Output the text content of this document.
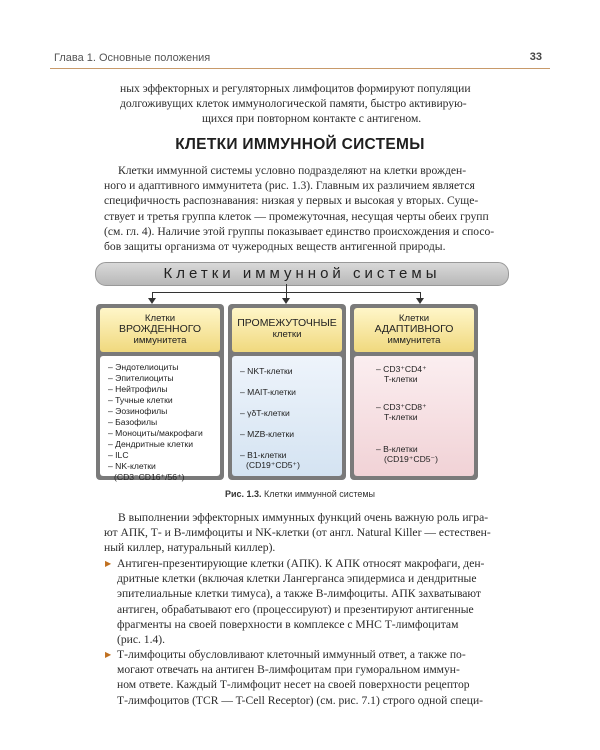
Глава 1. Основные положения	33
ных эффекторных и регуляторных лимфоцитов формируют популяции
долгоживущих клеток иммунологической памяти, быстро активирую-
щихся при повторном контакте с антигеном.
КЛЕТКИ ИММУННОЙ СИСТЕМЫ
Клетки иммунной системы условно подразделяют на клетки врожден-
ного и адаптивного иммунитета (рис. 1.3). Главным их различием является
специфичность распознавания: низкая у первых и высокая у вторых. Суще-
ствует и третья группа клеток — промежуточная, несущая черты обеих групп
(см. гл. 4). Наличие этой группы показывает единство происхождения и спосо-
бов защиты организма от чужеродных веществ антигенной природы.
Клетки иммунной системы
Клетки
ВРОЖДЕННОГО
иммунитета
– Эндотелиоциты
– Эпителиоциты
– Нейтрофилы
– Тучные клетки
– Эозинофилы
– Базофилы
– Моноциты/макрофаги
– Дендритные клетки
– ILC
– NK-клетки
(CD3⁻CD16⁺/56⁺)
ПРОМЕЖУТОЧНЫЕ
клетки
– NKT-клетки
– MAIT-клетки
– γδT-клетки
– MZB-клетки
– B1-клетки
(CD19⁺CD5⁺)
Клетки
АДАПТИВНОГО
иммунитета
– CD3⁺CD4⁺
T-клетки
– CD3⁺CD8⁺
T-клетки
– B-клетки
(CD19⁺CD5⁻)
Рис. 1.3. Клетки иммунной системы
В выполнении эффекторных иммунных функций очень важную роль игра-
ют АПК, Т- и В-лимфоциты и NK-клетки (от англ. Natural Killer — естествен-
ный киллер, натуральный киллер).
▶ Антиген-презентирующие клетки (АПК). К АПК относят макрофаги, ден-
дритные клетки (включая клетки Лангерганса эпидермиса и дендритные
эпителиальные клетки тимуса), а также В-лимфоциты. АПК захватывают
антиген, обрабатывают его (процессируют) и презентируют антигенные
фрагменты на своей поверхности в комплексе с МНС Т-лимфоцитам
(рис. 1.4).
▶ Т-лимфоциты обусловливают клеточный иммунный ответ, а также по-
могают отвечать на антиген В-лимфоцитам при гуморальном иммун-
ном ответе. Каждый Т-лимфоцит несет на своей поверхности рецептор
Т-лимфоцитов (TCR — T-Cell Receptor) (см. рис. 7.1) строго одной специ-
